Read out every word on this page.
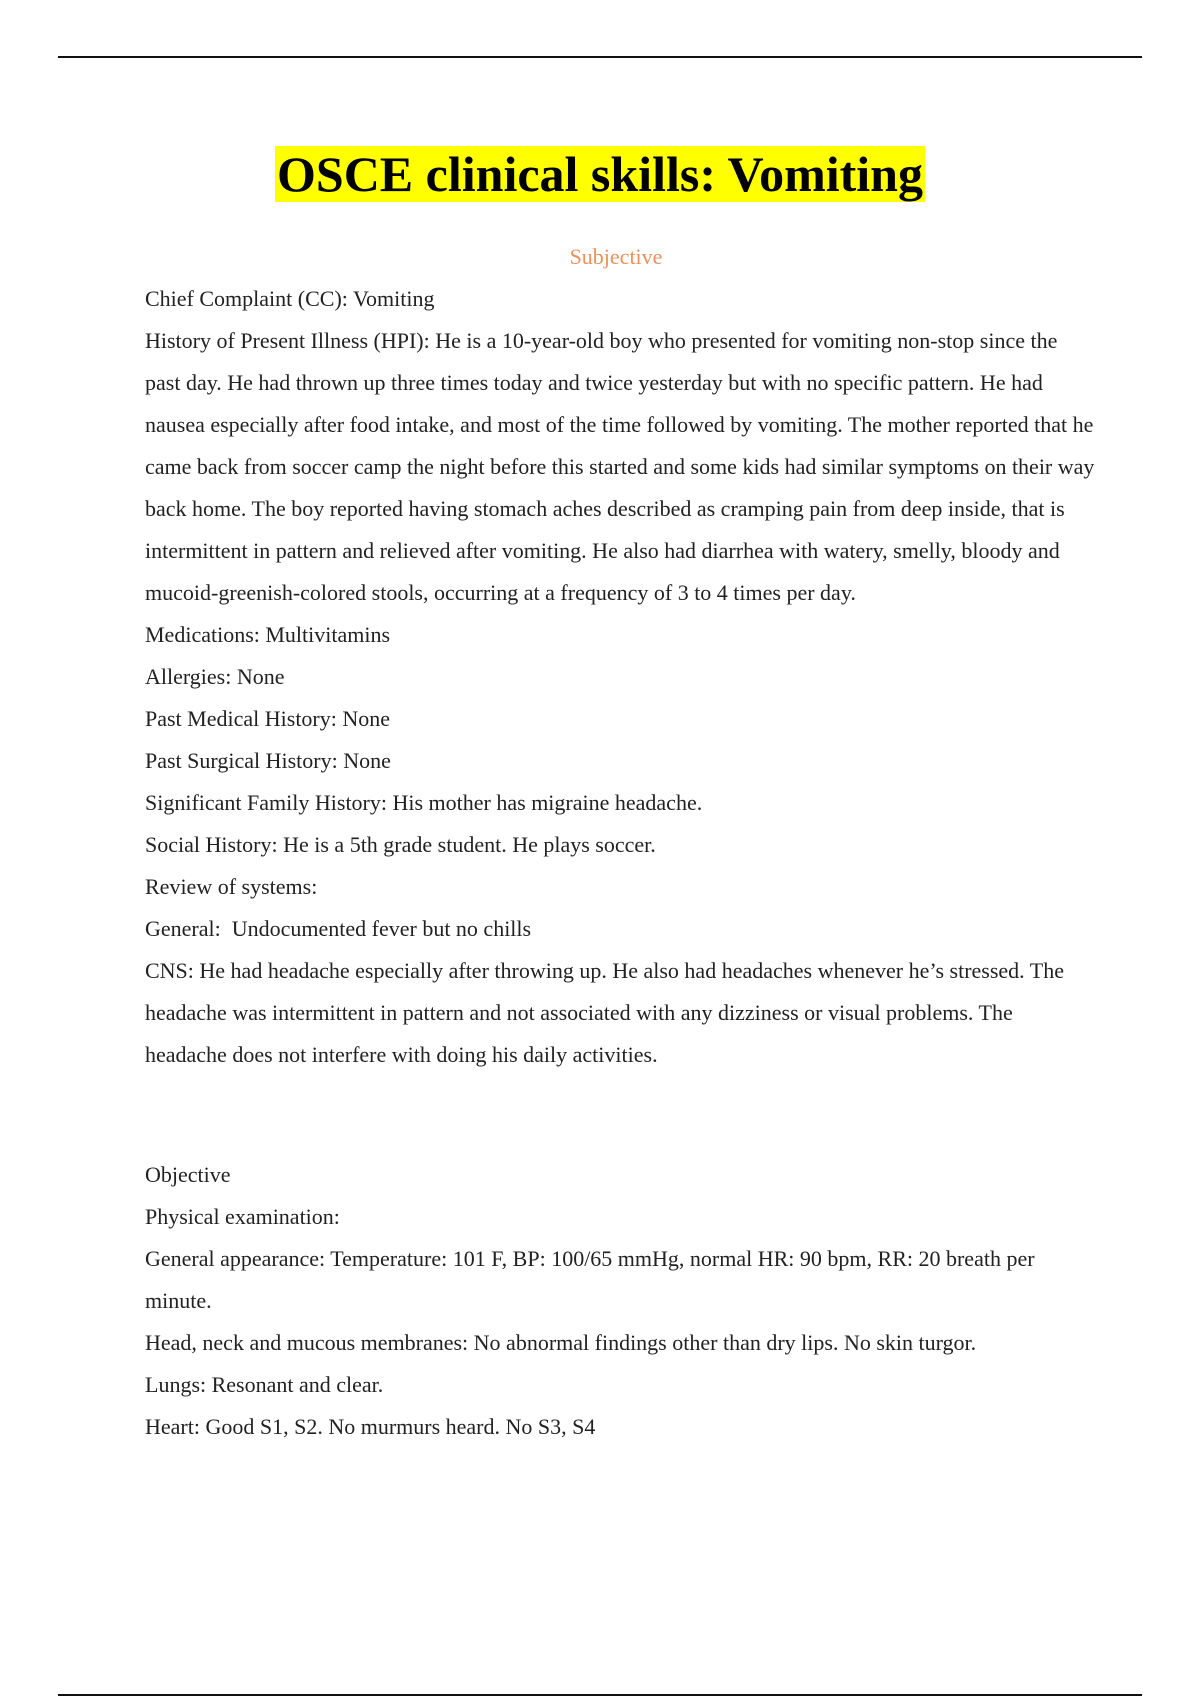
OSCE clinical skills: Vomiting
Subjective

Chief Complaint (CC): Vomiting

History of Present Illness (HPI): He is a 10-year-old boy who presented for vomiting non-stop since the past day. He had thrown up three times today and twice yesterday but with no specific pattern. He had nausea especially after food intake, and most of the time followed by vomiting. The mother reported that he came back from soccer camp the night before this started and some kids had similar symptoms on their way back home. The boy reported having stomach aches described as cramping pain from deep inside, that is intermittent in pattern and relieved after vomiting. He also had diarrhea with watery, smelly, bloody and mucoid-greenish-colored stools, occurring at a frequency of 3 to 4 times per day.

Medications: Multivitamins

Allergies: None

Past Medical History: None

Past Surgical History: None

Significant Family History: His mother has migraine headache.

Social History: He is a 5th grade student. He plays soccer.

Review of systems:

General:  Undocumented fever but no chills

CNS: He had headache especially after throwing up. He also had headaches whenever he’s stressed. The headache was intermittent in pattern and not associated with any dizziness or visual problems. The headache does not interfere with doing his daily activities.

Objective

Physical examination:

General appearance: Temperature: 101 F, BP: 100/65 mmHg, normal HR: 90 bpm, RR: 20 breath per minute.

Head, neck and mucous membranes: No abnormal findings other than dry lips. No skin turgor.

Lungs: Resonant and clear.

Heart: Good S1, S2. No murmurs heard. No S3, S4
